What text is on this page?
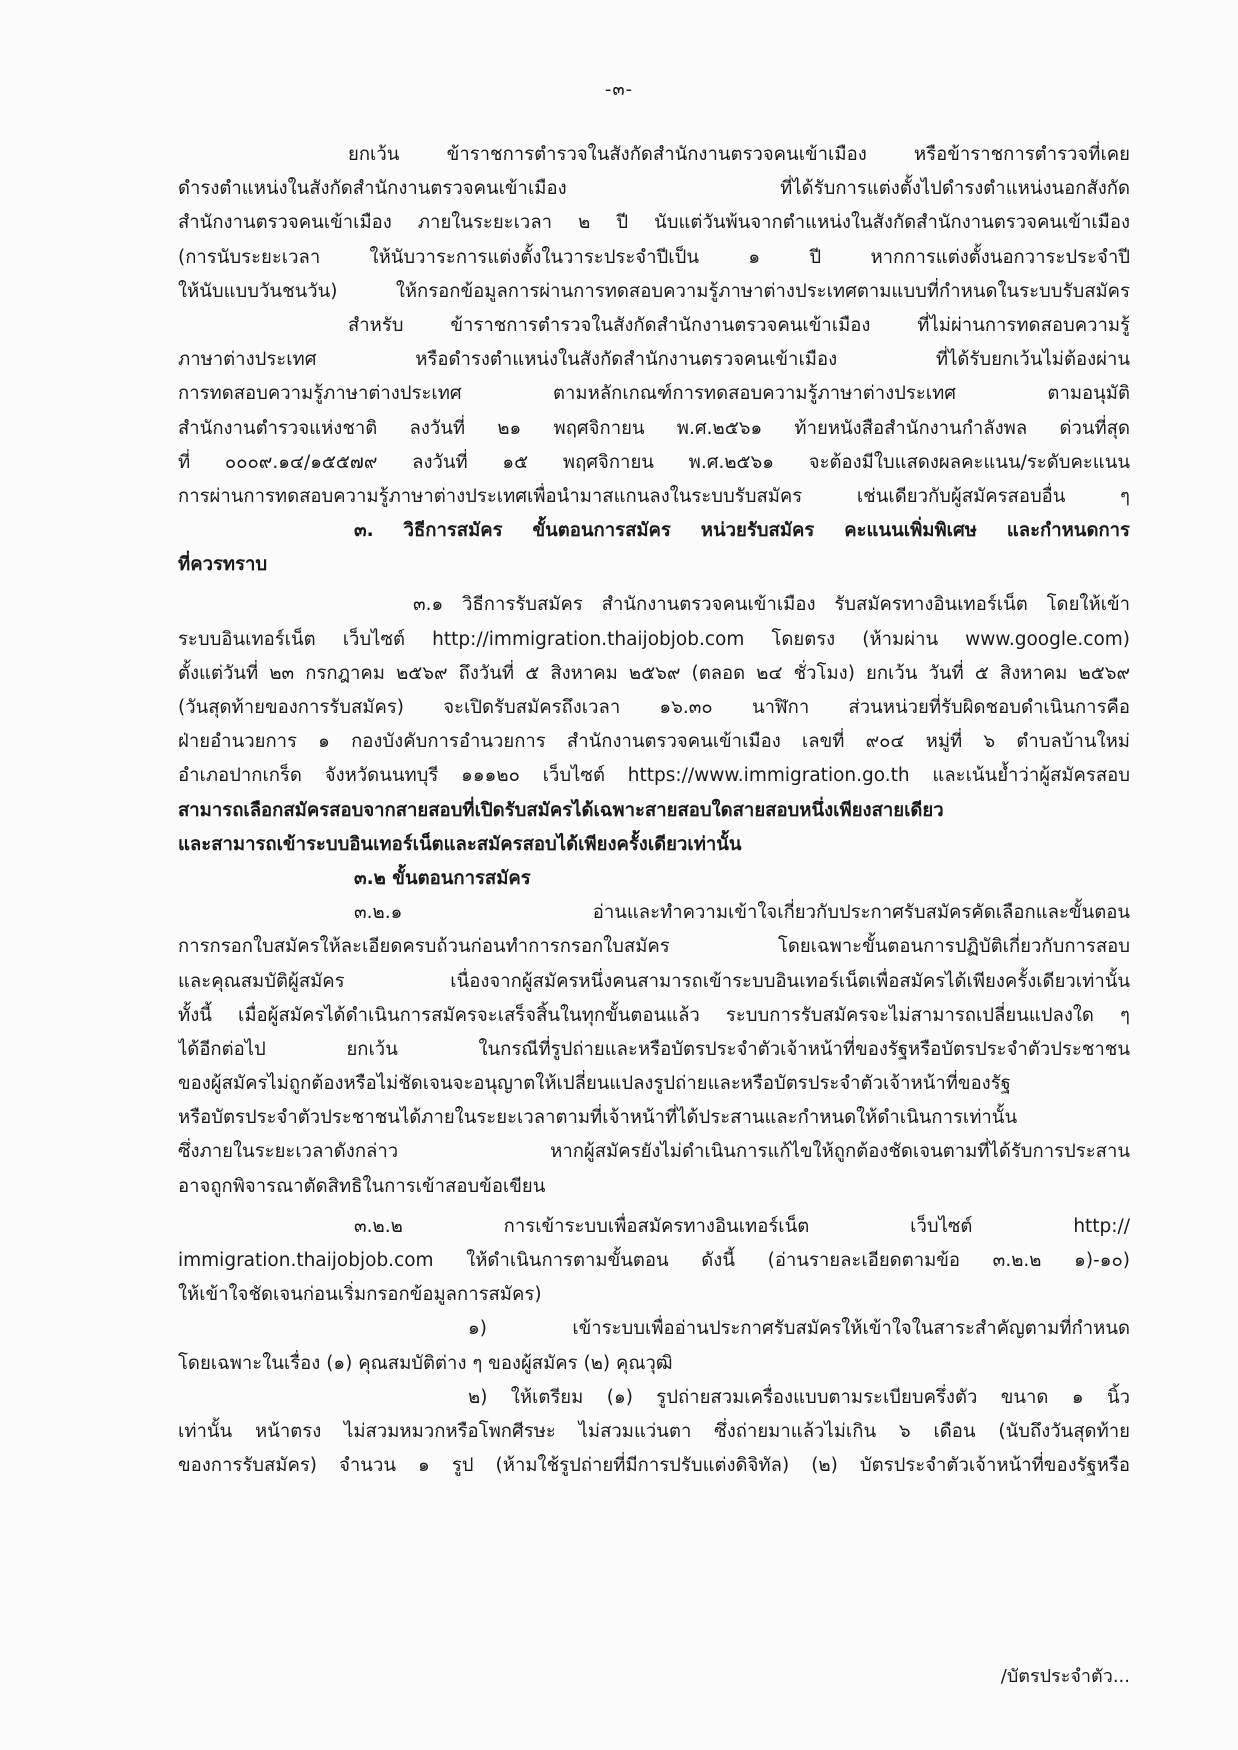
-๓-
ยกเว้น ข้าราชการตำรวจในสังกัดสำนักงานตรวจคนเข้าเมือง หรือข้าราชการตำรวจที่เคย
ดำรงตำแหน่งในสังกัดสำนักงานตรวจคนเข้าเมือง ที่ได้รับการแต่งตั้งไปดำรงตำแหน่งนอกสังกัด
สำนักงานตรวจคนเข้าเมือง ภายในระยะเวลา ๒ ปี นับแต่วันพ้นจากตำแหน่งในสังกัดสำนักงานตรวจคนเข้าเมือง
(การนับระยะเวลา ให้นับวาระการแต่งตั้งในวาระประจำปีเป็น ๑ ปี หากการแต่งตั้งนอกวาระประจำปี
ให้นับแบบวันชนวัน) ให้กรอกข้อมูลการผ่านการทดสอบความรู้ภาษาต่างประเทศตามแบบที่กำหนดในระบบรับสมัคร
สำหรับ ข้าราชการตำรวจในสังกัดสำนักงานตรวจคนเข้าเมือง ที่ไม่ผ่านการทดสอบความรู้
ภาษาต่างประเทศ หรือดำรงตำแหน่งในสังกัดสำนักงานตรวจคนเข้าเมือง ที่ได้รับยกเว้นไม่ต้องผ่าน
การทดสอบความรู้ภาษาต่างประเทศ ตามหลักเกณฑ์การทดสอบความรู้ภาษาต่างประเทศ ตามอนุมัติ
สำนักงานตำรวจแห่งชาติ ลงวันที่ ๒๑ พฤศจิกายน พ.ศ.๒๕๖๑ ท้ายหนังสือสำนักงานกำลังพล ด่วนที่สุด
ที่ ๐๐๐๙.๑๔/๑๕๕๗๙ ลงวันที่ ๑๕ พฤศจิกายน พ.ศ.๒๕๖๑ จะต้องมีใบแสดงผลคะแนน/ระดับคะแนน
การผ่านการทดสอบความรู้ภาษาต่างประเทศเพื่อนำมาสแกนลงในระบบรับสมัคร เช่นเดียวกับผู้สมัครสอบอื่น ๆ
๓. วิธีการสมัคร ขั้นตอนการสมัคร หน่วยรับสมัคร คะแนนเพิ่มพิเศษ และกำหนดการ
ที่ควรทราบ
๓.๑ วิธีการรับสมัคร สำนักงานตรวจคนเข้าเมือง รับสมัครทางอินเทอร์เน็ต โดยให้เข้า
ระบบอินเทอร์เน็ต เว็บไซต์ http://immigration.thaijobjob.com โดยตรง (ห้ามผ่าน www.google.com)
ตั้งแต่วันที่ ๒๓ กรกฎาคม ๒๕๖๙ ถึงวันที่ ๕ สิงหาคม ๒๕๖๙ (ตลอด ๒๔ ชั่วโมง) ยกเว้น วันที่ ๕ สิงหาคม ๒๕๖๙
(วันสุดท้ายของการรับสมัคร) จะเปิดรับสมัครถึงเวลา ๑๖.๓๐ นาฬิกา ส่วนหน่วยที่รับผิดชอบดำเนินการคือ
ฝ่ายอำนวยการ ๑ กองบังคับการอำนวยการ สำนักงานตรวจคนเข้าเมือง เลขที่ ๙๐๔ หมู่ที่ ๖ ตำบลบ้านใหม่
อำเภอปากเกร็ด จังหวัดนนทบุรี ๑๑๑๒๐ เว็บไซต์ https://www.immigration.go.th และเน้นย้ำว่าผู้สมัครสอบ
สามารถเลือกสมัครสอบจากสายสอบที่เปิดรับสมัครได้เฉพาะสายสอบใดสายสอบหนึ่งเพียงสายเดียว
และสามารถเข้าระบบอินเทอร์เน็ตและสมัครสอบได้เพียงครั้งเดียวเท่านั้น
๓.๒ ขั้นตอนการสมัคร
๓.๒.๑ อ่านและทำความเข้าใจเกี่ยวกับประกาศรับสมัครคัดเลือกและขั้นตอน
การกรอกใบสมัครให้ละเอียดครบถ้วนก่อนทำการกรอกใบสมัคร โดยเฉพาะขั้นตอนการปฏิบัติเกี่ยวกับการสอบ
และคุณสมบัติผู้สมัคร เนื่องจากผู้สมัครหนึ่งคนสามารถเข้าระบบอินเทอร์เน็ตเพื่อสมัครได้เพียงครั้งเดียวเท่านั้น
ทั้งนี้ เมื่อผู้สมัครได้ดำเนินการสมัครจะเสร็จสิ้นในทุกขั้นตอนแล้ว ระบบการรับสมัครจะไม่สามารถเปลี่ยนแปลงใด ๆ
ได้อีกต่อไป ยกเว้น ในกรณีที่รูปถ่ายและหรือบัตรประจำตัวเจ้าหน้าที่ของรัฐหรือบัตรประจำตัวประชาชน
ของผู้สมัครไม่ถูกต้องหรือไม่ชัดเจนจะอนุญาตให้เปลี่ยนแปลงรูปถ่ายและหรือบัตรประจำตัวเจ้าหน้าที่ของรัฐ
หรือบัตรประจำตัวประชาชนได้ภายในระยะเวลาตามที่เจ้าหน้าที่ได้ประสานและกำหนดให้ดำเนินการเท่านั้น
ซึ่งภายในระยะเวลาดังกล่าว หากผู้สมัครยังไม่ดำเนินการแก้ไขให้ถูกต้องชัดเจนตามที่ได้รับการประสาน
อาจถูกพิจารณาตัดสิทธิในการเข้าสอบข้อเขียน
๓.๒.๒ การเข้าระบบเพื่อสมัครทางอินเทอร์เน็ต เว็บไซต์ http://
immigration.thaijobjob.com ให้ดำเนินการตามขั้นตอน ดังนี้ (อ่านรายละเอียดตามข้อ ๓.๒.๒ ๑)-๑๐)
ให้เข้าใจชัดเจนก่อนเริ่มกรอกข้อมูลการสมัคร)
๑) เข้าระบบเพื่ออ่านประกาศรับสมัครให้เข้าใจในสาระสำคัญตามที่กำหนด
โดยเฉพาะในเรื่อง (๑) คุณสมบัติต่าง ๆ ของผู้สมัคร (๒) คุณวุฒิ
๒) ให้เตรียม (๑) รูปถ่ายสวมเครื่องแบบตามระเบียบครึ่งตัว ขนาด ๑ นิ้ว
เท่านั้น หน้าตรง ไม่สวมหมวกหรือโพกศีรษะ ไม่สวมแว่นตา ซึ่งถ่ายมาแล้วไม่เกิน ๖ เดือน (นับถึงวันสุดท้าย
ของการรับสมัคร) จำนวน ๑ รูป (ห้ามใช้รูปถ่ายที่มีการปรับแต่งดิจิทัล) (๒) บัตรประจำตัวเจ้าหน้าที่ของรัฐหรือ
/บัตรประจำตัว...
